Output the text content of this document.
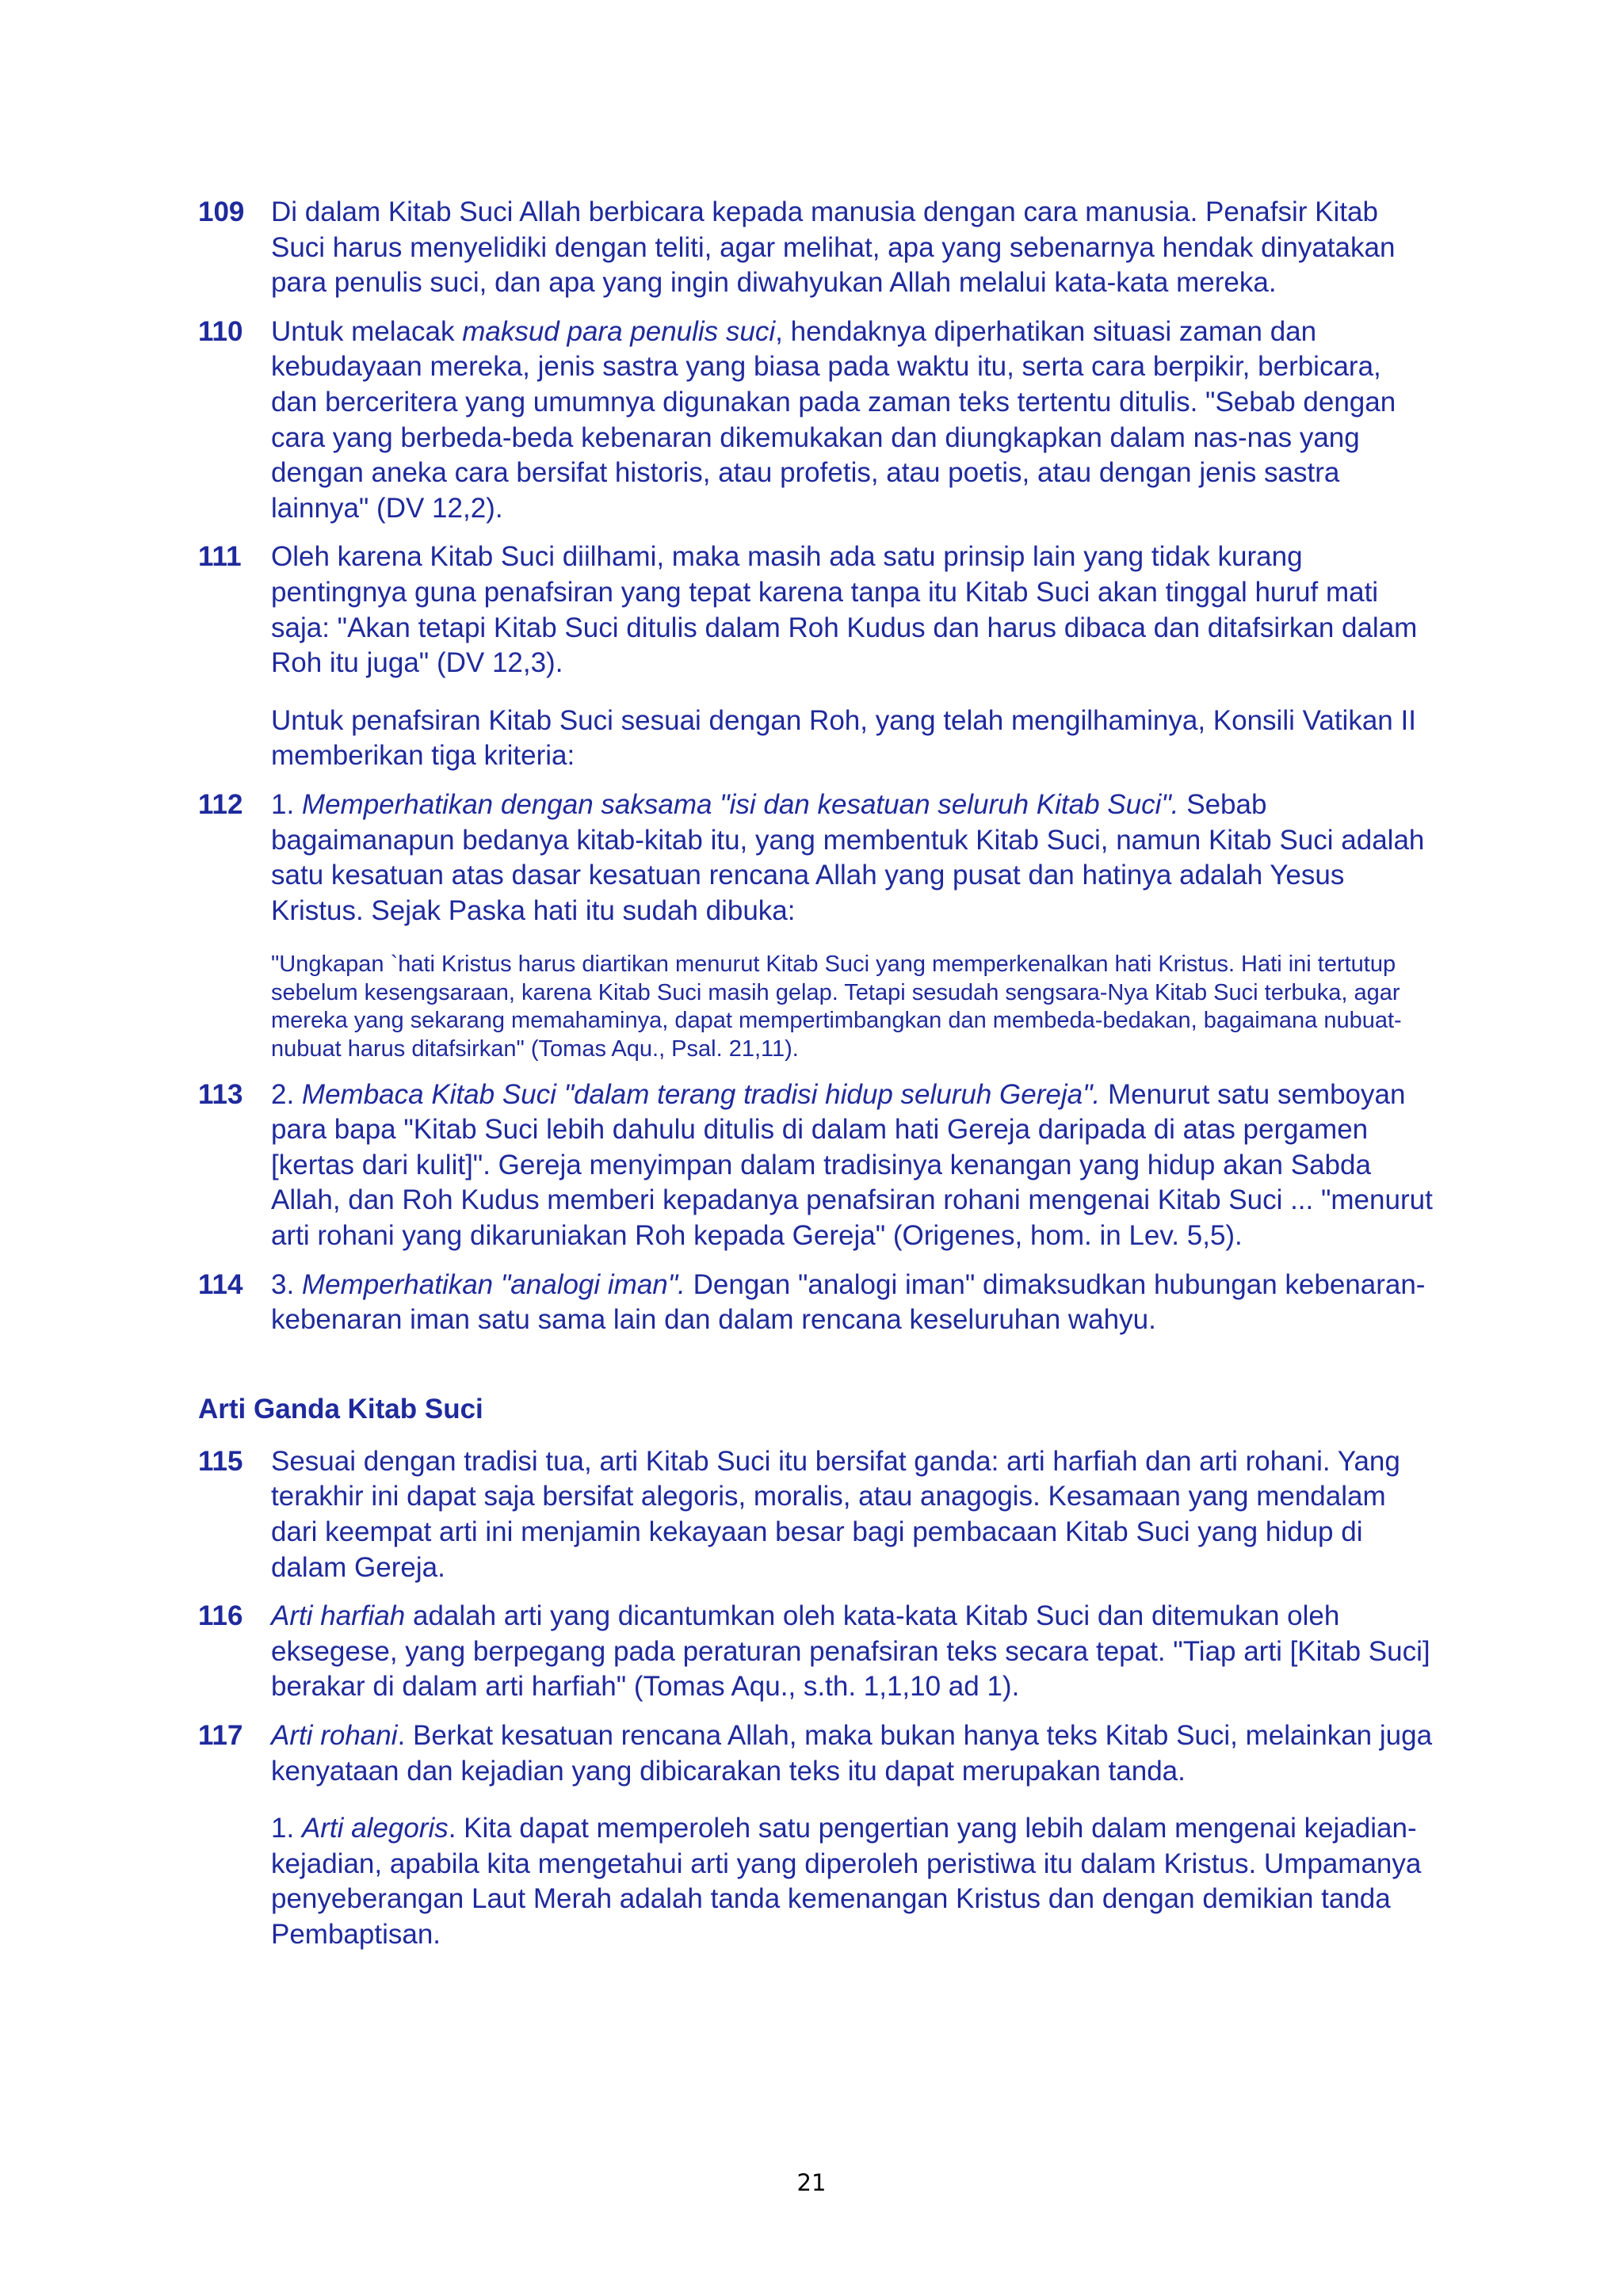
109 Di dalam Kitab Suci Allah berbicara kepada manusia dengan cara manusia. Penafsir Kitab Suci harus menyelidiki dengan teliti, agar melihat, apa yang sebenarnya hendak dinyatakan para penulis suci, dan apa yang ingin diwahyukan Allah melalui kata-kata mereka.

110 Untuk melacak maksud para penulis suci, hendaknya diperhatikan situasi zaman dan kebudayaan mereka, jenis sastra yang biasa pada waktu itu, serta cara berpikir, berbicara, dan berceritera yang umumnya digunakan pada zaman teks tertentu ditulis. "Sebab dengan cara yang berbeda-beda kebenaran dikemukakan dan diungkapkan dalam nas-nas yang dengan aneka cara bersifat historis, atau profetis, atau poetis, atau dengan jenis sastra lainnya" (DV 12,2).

111 Oleh karena Kitab Suci diilhami, maka masih ada satu prinsip lain yang tidak kurang pentingnya guna penafsiran yang tepat karena tanpa itu Kitab Suci akan tinggal huruf mati saja: "Akan tetapi Kitab Suci ditulis dalam Roh Kudus dan harus dibaca dan ditafsirkan dalam Roh itu juga" (DV 12,3).

Untuk penafsiran Kitab Suci sesuai dengan Roh, yang telah mengilhaminya, Konsili Vatikan II memberikan tiga kriteria:

112 1. Memperhatikan dengan saksama "isi dan kesatuan seluruh Kitab Suci". Sebab bagaimanapun bedanya kitab-kitab itu, yang membentuk Kitab Suci, namun Kitab Suci adalah satu kesatuan atas dasar kesatuan rencana Allah yang pusat dan hatinya adalah Yesus Kristus. Sejak Paska hati itu sudah dibuka:

"Ungkapan `hati Kristus harus diartikan menurut Kitab Suci yang memperkenalkan hati Kristus. Hati ini tertutup sebelum kesengsaraan, karena Kitab Suci masih gelap. Tetapi sesudah sengsara-Nya Kitab Suci terbuka, agar mereka yang sekarang memahaminya, dapat mempertimbangkan dan membeda-bedakan, bagaimana nubuat-nubuat harus ditafsirkan" (Tomas Aqu., Psal. 21,11).

113 2. Membaca Kitab Suci "dalam terang tradisi hidup seluruh Gereja". Menurut satu semboyan para bapa "Kitab Suci lebih dahulu ditulis di dalam hati Gereja daripada di atas pergamen [kertas dari kulit]". Gereja menyimpan dalam tradisinya kenangan yang hidup akan Sabda Allah, dan Roh Kudus memberi kepadanya penafsiran rohani mengenai Kitab Suci ... "menurut arti rohani yang dikaruniakan Roh kepada Gereja" (Origenes, hom. in Lev. 5,5).

114 3. Memperhatikan "analogi iman". Dengan "analogi iman" dimaksudkan hubungan kebenaran-kebenaran iman satu sama lain dan dalam rencana keseluruhan wahyu.

Arti Ganda Kitab Suci
115 Sesuai dengan tradisi tua, arti Kitab Suci itu bersifat ganda: arti harfiah dan arti rohani. Yang terakhir ini dapat saja bersifat alegoris, moralis, atau anagogis. Kesamaan yang mendalam dari keempat arti ini menjamin kekayaan besar bagi pembacaan Kitab Suci yang hidup di dalam Gereja.

116 Arti harfiah adalah arti yang dicantumkan oleh kata-kata Kitab Suci dan ditemukan oleh eksegese, yang berpegang pada peraturan penafsiran teks secara tepat. "Tiap arti [Kitab Suci] berakar di dalam arti harfiah" (Tomas Aqu., s.th. 1,1,10 ad 1).

117 Arti rohani. Berkat kesatuan rencana Allah, maka bukan hanya teks Kitab Suci, melainkan juga kenyataan dan kejadian yang dibicarakan teks itu dapat merupakan tanda.

1. Arti alegoris. Kita dapat memperoleh satu pengertian yang lebih dalam mengenai kejadian-kejadian, apabila kita mengetahui arti yang diperoleh peristiwa itu dalam Kristus. Umpamanya penyeberangan Laut Merah adalah tanda kemenangan Kristus dan dengan demikian tanda Pembaptisan.

21
